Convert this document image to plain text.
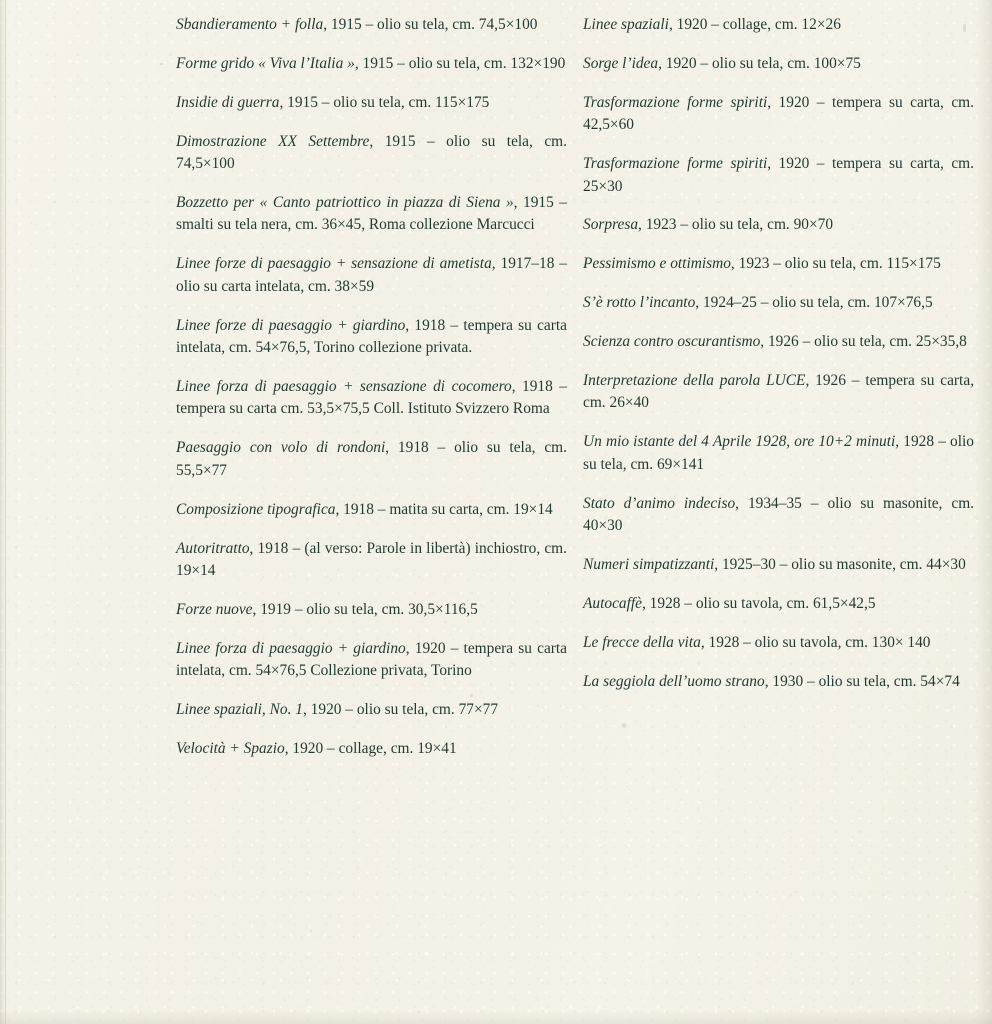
Sbandieramento + folla, 1915 – olio su tela, cm. 74,5×100

Forme grido « Viva l’Italia », 1915 – olio su tela, cm. 132×190

Insidie di guerra, 1915 – olio su tela, cm. 115×175

Dimostrazione XX Settembre, 1915 – olio su tela, cm. 74,5×100

Bozzetto per « Canto patriottico in piazza di Siena », 1915 – smalti su tela nera, cm. 36×45, Roma collezione Marcucci

Linee forze di paesaggio + sensazione di ametista, 1917–18 – olio su carta intelata, cm. 38×59

Linee forze di paesaggio + giardino, 1918 – tempera su carta intelata, cm. 54×76,5, Torino collezione privata.

Linee forza di paesaggio + sensazione di cocomero, 1918 – tempera su carta cm. 53,5×75,5 Coll. Istituto Svizzero Roma

Paesaggio con volo di rondoni, 1918 – olio su tela, cm. 55,5×77

Composizione tipografica, 1918 – matita su carta, cm. 19×14

Autoritratto, 1918 – (al verso: Parole in libertà) inchiostro, cm. 19×14

Forze nuove, 1919 – olio su tela, cm. 30,5×116,5

Linee forza di paesaggio + giardino, 1920 – tempera su carta intelata, cm. 54×76,5 Collezione privata, Torino

Linee spaziali, No. 1, 1920 – olio su tela, cm. 77×77

Velocità + Spazio, 1920 – collage, cm. 19×41

Linee spaziali, 1920 – collage, cm. 12×26

Sorge l’idea, 1920 – olio su tela, cm. 100×75

Trasformazione forme spiriti, 1920 – tempera su carta, cm. 42,5×60

Trasformazione forme spiriti, 1920 – tempera su carta, cm. 25×30

Sorpresa, 1923 – olio su tela, cm. 90×70

Pessimismo e ottimismo, 1923 – olio su tela, cm. 115×175

S’è rotto l’incanto, 1924–25 – olio su tela, cm. 107×76,5

Scienza contro oscurantismo, 1926 – olio su tela, cm. 25×35,8

Interpretazione della parola LUCE, 1926 – tempera su carta, cm. 26×40

Un mio istante del 4 Aprile 1928, ore 10+2 minuti, 1928 – olio su tela, cm. 69×141

Stato d’animo indeciso, 1934–35 – olio su masonite, cm. 40×30

Numeri simpatizzanti, 1925–30 – olio su masonite, cm. 44×30

Autocaffè, 1928 – olio su tavola, cm. 61,5×42,5

Le frecce della vita, 1928 – olio su tavola, cm. 130× 140

La seggiola dell’uomo strano, 1930 – olio su tela, cm. 54×74
